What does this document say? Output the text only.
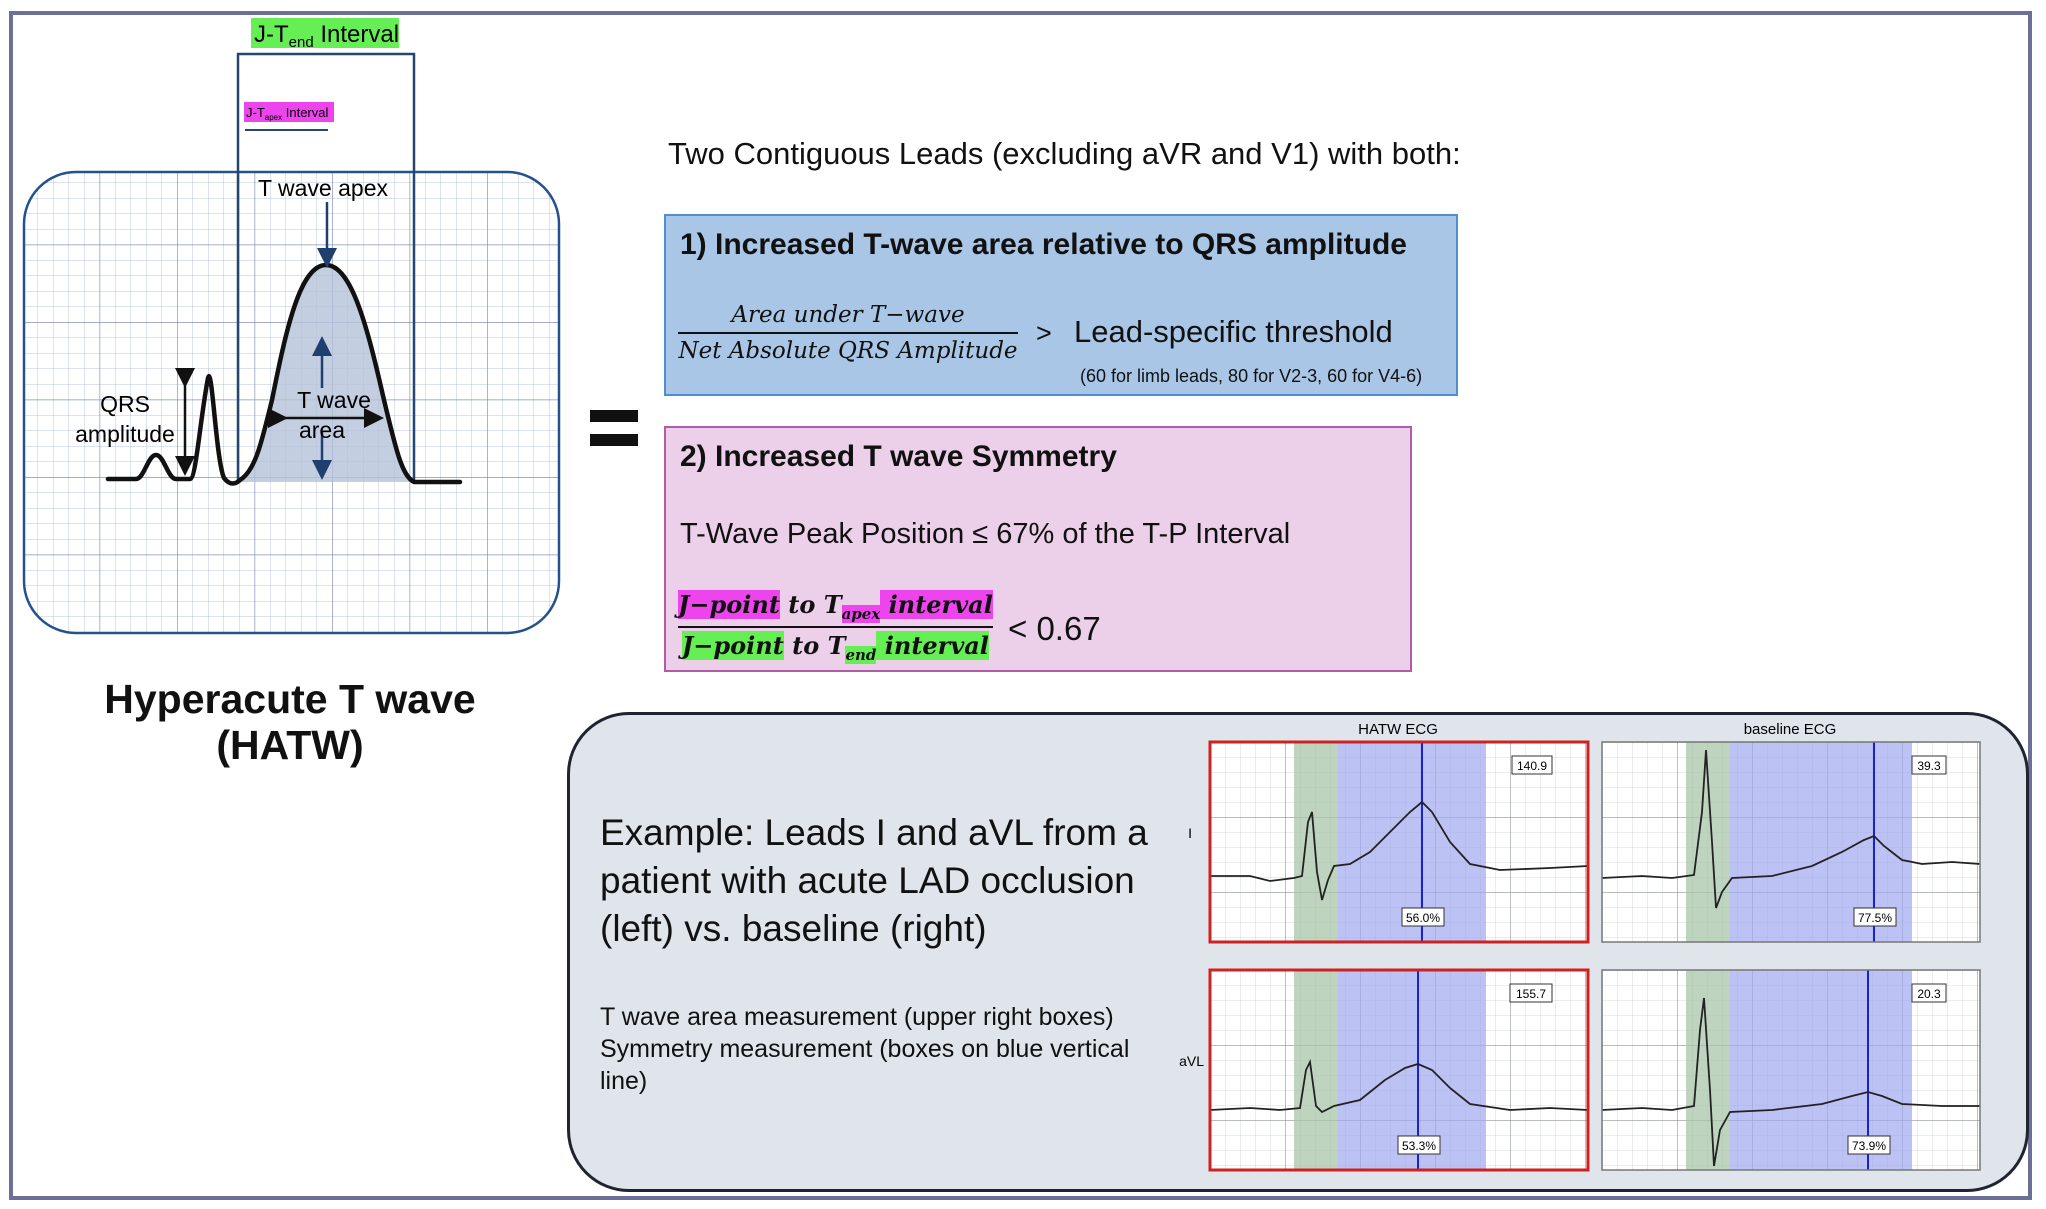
$J-T_{end}$ Interval
$J-T_{apex}$ Interval
T wave apex
QRS
amplitude
T wave
area
Hyperacute T wave
(HATW)
Two Contiguous Leads (excluding aVR and V1) with both:
1) Increased T-wave area relative to QRS amplitude
Area under T−wave
Net Absolute QRS Amplitude
> Lead-specific threshold
(60 for limb leads, 80 for V2-3, 60 for V4-6)
2) Increased T wave Symmetry
T-Wave Peak Position ≤ 67% of the T-P Interval
J−point to $T_{apex}$ interval
J−point to $T_{end}$ interval < 0.67
Example: Leads I and aVL from a patient with acute LAD occlusion (left) vs. baseline (right)
T wave area measurement (upper right boxes)
Symmetry measurement (boxes on blue vertical line)
HATW ECG	baseline ECG
I
aVL
140.9
56.0%
39.3
77.5%
155.7
53.3%
20.3
73.9%
